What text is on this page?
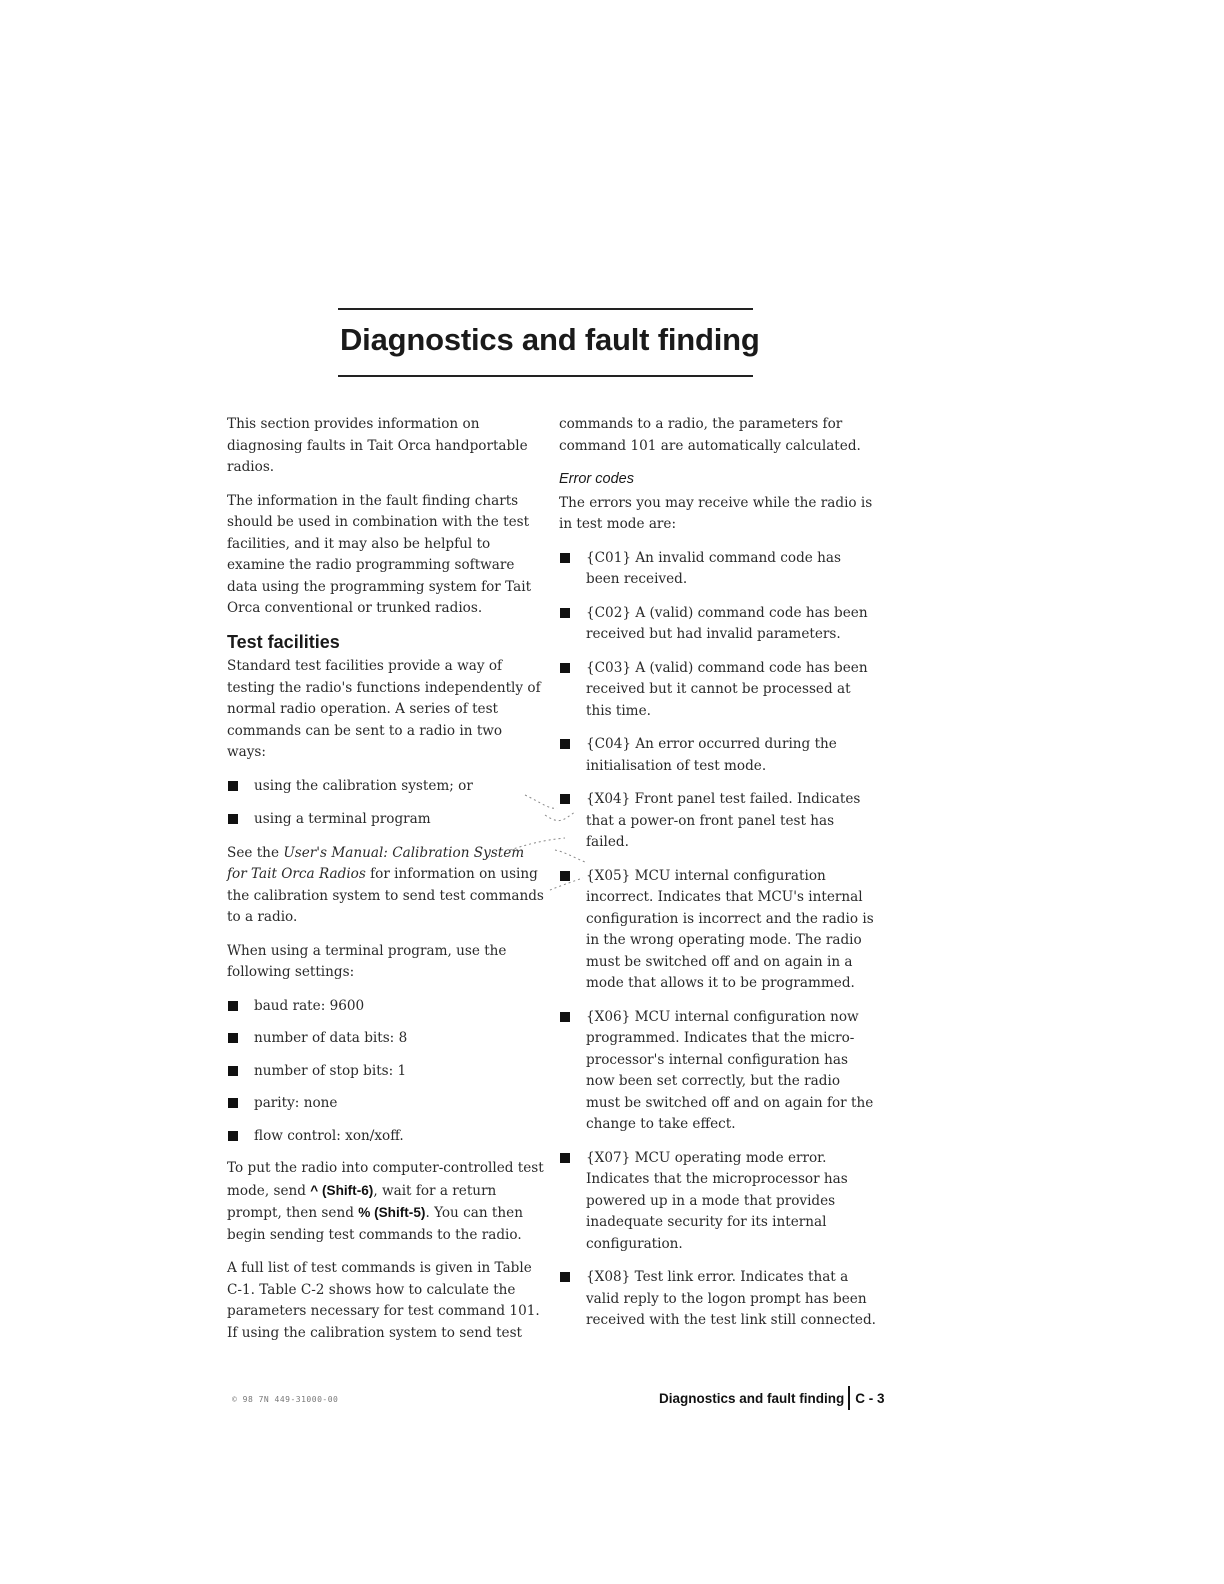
Diagnostics and fault finding

This section provides information on diagnosing faults in Tait Orca handportable radios.

The information in the fault finding charts should be used in combination with the test facilities, and it may also be helpful to examine the radio programming software data using the programming system for Tait Orca conventional or trunked radios.

Test facilities

Standard test facilities provide a way of testing the radio's functions independently of normal radio operation. A series of test commands can be sent to a radio in two ways:

using the calibration system; or
using a terminal program

See the User's Manual: Calibration System for Tait Orca Radios for information on using the calibration system to send test commands to a radio.

When using a terminal program, use the following settings:

baud rate: 9600
number of data bits: 8
number of stop bits: 1
parity: none
flow control: xon/xoff.

To put the radio into computer-controlled test mode, send ^ (Shift-6), wait for a return prompt, then send % (Shift-5). You can then begin sending test commands to the radio.

A full list of test commands is given in Table C-1. Table C-2 shows how to calculate the parameters necessary for test command 101. If using the calibration system to send test

commands to a radio, the parameters for command 101 are automatically calculated.

Error codes

The errors you may receive while the radio is in test mode are:

{C01} An invalid command code has been received.
{C02} A (valid) command code has been received but had invalid parameters.
{C03} A (valid) command code has been received but it cannot be processed at this time.
{C04} An error occurred during the initialisation of test mode.
{X04} Front panel test failed. Indicates that a power-on front panel test has failed.
{X05} MCU internal configuration incorrect. Indicates that MCU's internal configuration is incorrect and the radio is in the wrong operating mode. The radio must be switched off and on again in a mode that allows it to be programmed.
{X06} MCU internal configuration now programmed. Indicates that the micro-processor's internal configuration has now been set correctly, but the radio must be switched off and on again for the change to take effect.
{X07} MCU operating mode error. Indicates that the microprocessor has powered up in a mode that provides inadequate security for its internal configuration.
{X08} Test link error. Indicates that a valid reply to the logon prompt has been received with the test link still connected.
© 98 7N 449-31000-00	Diagnostics and fault finding C - 3
